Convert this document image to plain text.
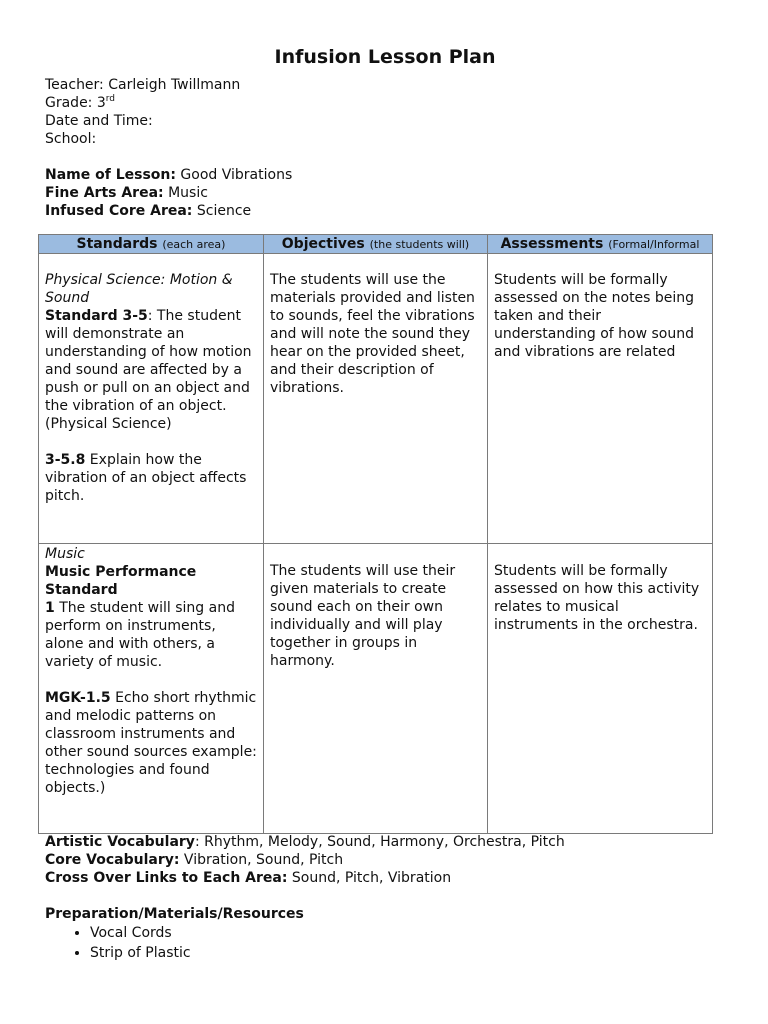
Infusion Lesson Plan
Teacher: Carleigh Twillmann
Grade: 3rd
Date and Time:
School:
Name of Lesson: Good Vibrations
Fine Arts Area: Music
Infused Core Area: Science
Standards (each area)	Objectives (the students will)	Assessments (Formal/Informal
Physical Science: Motion & Sound
Standard 3-5: The student will demonstrate an understanding of how motion and sound are affected by a push or pull on an object and the vibration of an object. (Physical Science)
3-5.8 Explain how the vibration of an object affects pitch.	The students will use the materials provided and listen to sounds, feel the vibrations and will note the sound they hear on the provided sheet, and their description of vibrations.	Students will be formally assessed on the notes being taken and their understanding of how sound and vibrations are related
Music
Music Performance Standard
1 The student will sing and perform on instruments, alone and with others, a variety of music.
MGK-1.5 Echo short rhythmic and melodic patterns on classroom instruments and other sound sources example: technologies and found objects.)	The students will use their given materials to create sound each on their own individually and will play together in groups in harmony.	Students will be formally assessed on how this activity relates to musical instruments in the orchestra.
Artistic Vocabulary: Rhythm, Melody, Sound, Harmony, Orchestra, Pitch
Core Vocabulary: Vibration, Sound, Pitch
Cross Over Links to Each Area: Sound, Pitch, Vibration
Preparation/Materials/Resources
• Vocal Cords
• Strip of Plastic
